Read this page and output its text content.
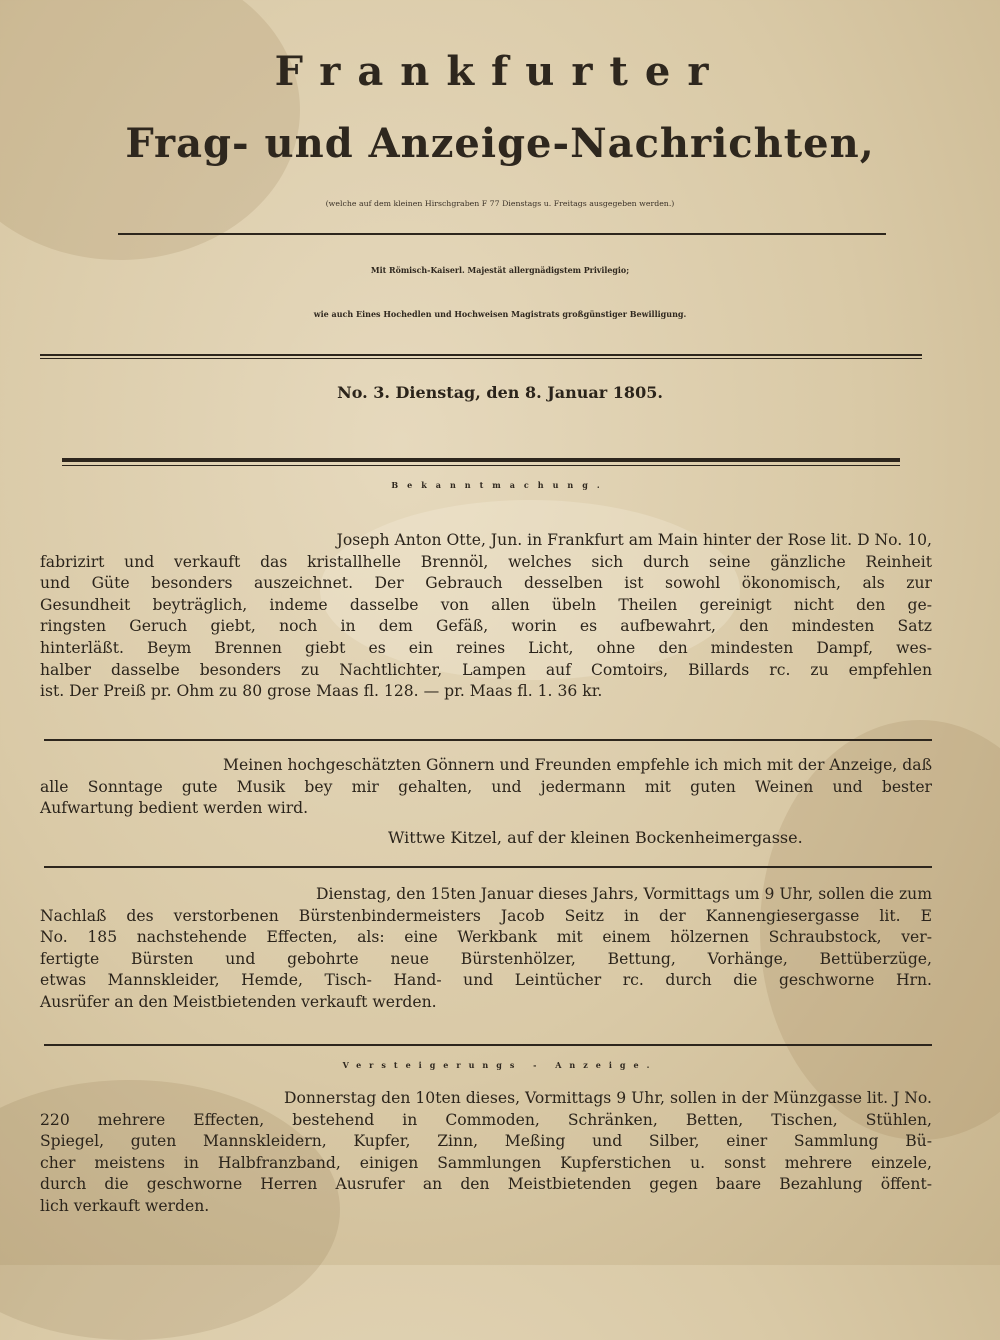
Frankfurter
Frag- und Anzeige-Nachrichten,
(welche auf dem kleinen Hirschgraben F 77 Dienstags u. Freitags ausgegeben werden.)
Mit Römisch-Kaiserl. Majestät allergnädigstem Privilegio;
wie auch Eines Hochedlen und Hochweisen Magistrats großgünstiger Bewilligung.
No. 3. Dienstag, den 8. Januar 1805.
Bekanntmachung.
Joseph Anton Otte, Jun. in Frankfurt am Main hinter der Rose lit. D No. 10,
fabrizirt und verkauft das kristallhelle Brennöl, welches sich durch seine gänzliche Reinheit
und Güte besonders auszeichnet. Der Gebrauch desselben ist sowohl ökonomisch, als zur
Gesundheit beyträglich, indeme dasselbe von allen übeln Theilen gereinigt nicht den ge-
ringsten Geruch giebt, noch in dem Gefäß, worin es aufbewahrt, den mindesten Satz
hinterläßt. Beym Brennen giebt es ein reines Licht, ohne den mindesten Dampf, wes-
halber dasselbe besonders zu Nachtlichter, Lampen auf Comtoirs, Billards rc. zu empfehlen
ist. Der Preiß pr. Ohm zu 80 grose Maas fl. 128. — pr. Maas fl. 1. 36 kr.
Meinen hochgeschätzten Gönnern und Freunden empfehle ich mich mit der Anzeige, daß
alle Sonntage gute Musik bey mir gehalten, und jedermann mit guten Weinen und bester
Aufwartung bedient werden wird.
Wittwe Kitzel, auf der kleinen Bockenheimergasse.
Dienstag, den 15ten Januar dieses Jahrs, Vormittags um 9 Uhr, sollen die zum
Nachlaß des verstorbenen Bürstenbindermeisters Jacob Seitz in der Kannengiesergasse lit. E
No. 185 nachstehende Effecten, als: eine Werkbank mit einem hölzernen Schraubstock, ver-
fertigte Bürsten und gebohrte neue Bürstenhölzer, Bettung, Vorhänge, Bettüberzüge,
etwas Mannskleider, Hemde, Tisch- Hand- und Leintücher rc. durch die geschworne Hrn.
Ausrüfer an den Meistbietenden verkauft werden.
Versteigerungs - Anzeige.
Donnerstag den 10ten dieses, Vormittags 9 Uhr, sollen in der Münzgasse lit. J No.
220 mehrere Effecten, bestehend in Commoden, Schränken, Betten, Tischen, Stühlen,
Spiegel, guten Mannskleidern, Kupfer, Zinn, Meßing und Silber, einer Sammlung Bü-
cher meistens in Halbfranzband, einigen Sammlungen Kupferstichen u. sonst mehrere einzele,
durch die geschworne Herren Ausrufer an den Meistbietenden gegen baare Bezahlung öffent-
lich verkauft werden.
